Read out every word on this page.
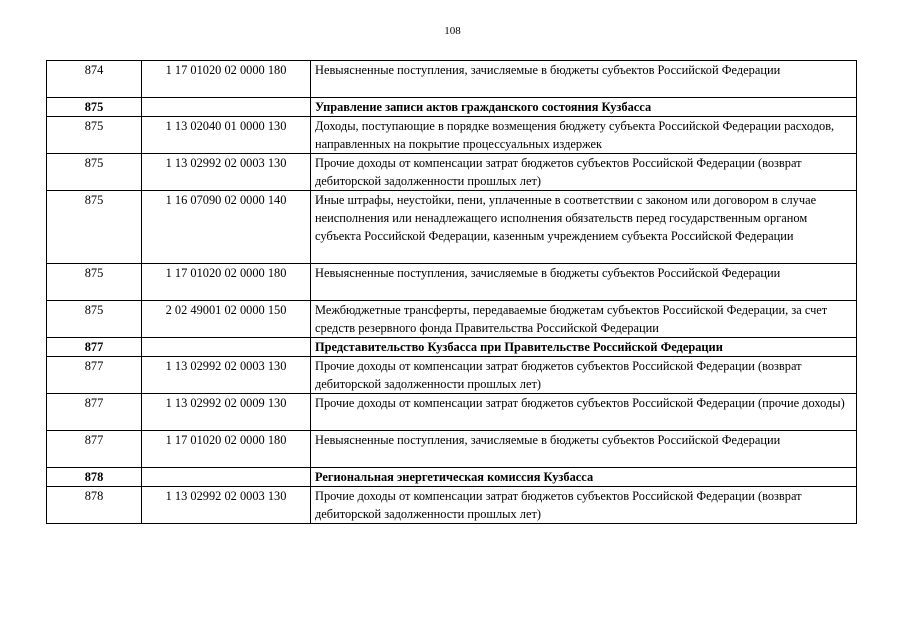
108
874	1 17 01020 02 0000 180	Невыясненные поступления, зачисляемые в бюджеты субъектов Российской Федерации
875		Управление записи актов гражданского состояния Кузбасса
875	1 13 02040 01 0000 130	Доходы, поступающие в порядке возмещения бюджету субъекта Российской Федерации расходов, направленных на покрытие процессуальных издержек
875	1 13 02992 02 0003 130	Прочие доходы от компенсации затрат бюджетов субъектов Российской Федерации (возврат дебиторской задолженности прошлых лет)
875	1 16 07090 02 0000 140	Иные штрафы, неустойки, пени, уплаченные в соответствии с законом или договором в случае неисполнения или ненадлежащего исполнения обязательств перед государственным органом субъекта Российской Федерации, казенным учреждением субъекта Российской Федерации
875	1 17 01020 02 0000 180	Невыясненные поступления, зачисляемые в бюджеты субъектов Российской Федерации
875	2 02 49001 02 0000 150	Межбюджетные трансферты, передаваемые бюджетам субъектов Российской Федерации, за счет средств резервного фонда Правительства Российской Федерации
877		Представительство Кузбасса при Правительстве Российской Федерации
877	1 13 02992 02 0003 130	Прочие доходы от компенсации затрат бюджетов субъектов Российской Федерации (возврат дебиторской задолженности прошлых лет)
877	1 13 02992 02 0009 130	Прочие доходы от компенсации затрат бюджетов субъектов Российской Федерации (прочие доходы)
877	1 17 01020 02 0000 180	Невыясненные поступления, зачисляемые в бюджеты субъектов Российской Федерации
878		Региональная энергетическая комиссия Кузбасса
878	1 13 02992 02 0003 130	Прочие доходы от компенсации затрат бюджетов субъектов Российской Федерации (возврат дебиторской задолженности прошлых лет)
